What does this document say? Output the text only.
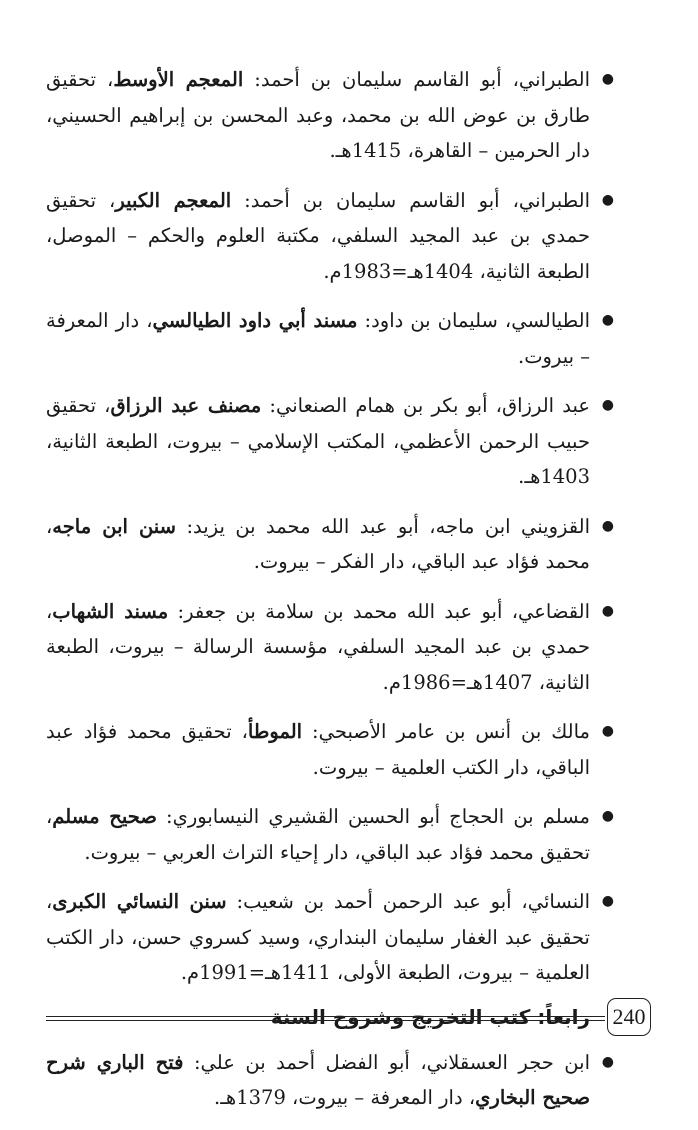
●
الطبراني، أبو القاسم سليمان بن أحمد: المعجم الأوسط، تحقيق طارق بن عوض الله بن محمد، وعبد المحسن بن إبراهيم الحسيني، دار الحرمين – القاهرة، 1415هـ.
●
الطبراني، أبو القاسم سليمان بن أحمد: المعجم الكبير، تحقيق حمدي بن عبد المجيد السلفي، مكتبة العلوم والحكم – الموصل، الطبعة الثانية، 1404هـ=1983م.
●
الطيالسي، سليمان بن داود: مسند أبي داود الطيالسي، دار المعرفة – بيروت.
●
عبد الرزاق، أبو بكر بن همام الصنعاني: مصنف عبد الرزاق، تحقيق حبيب الرحمن الأعظمي، المكتب الإسلامي – بيروت، الطبعة الثانية، 1403هـ.
●
القزويني ابن ماجه، أبو عبد الله محمد بن يزيد: سنن ابن ماجه، محمد فؤاد عبد الباقي، دار الفكر – بيروت.
●
القضاعي، أبو عبد الله محمد بن سلامة بن جعفر: مسند الشهاب، حمدي بن عبد المجيد السلفي، مؤسسة الرسالة – بيروت، الطبعة الثانية، 1407هـ=1986م.
●
مالك بن أنس بن عامر الأصبحي: الموطأ، تحقيق محمد فؤاد عبد الباقي، دار الكتب العلمية – بيروت.
●
مسلم بن الحجاج أبو الحسين القشيري النيسابوري: صحيح مسلم، تحقيق محمد فؤاد عبد الباقي، دار إحياء التراث العربي – بيروت.
●
النسائي، أبو عبد الرحمن أحمد بن شعيب: سنن النسائي الكبرى، تحقيق عبد الغفار سليمان البنداري، وسيد كسروي حسن، دار الكتب العلمية – بيروت، الطبعة الأولى، 1411هـ=1991م.
رابعاً: كتب التخريج وشروح السنة
●
ابن حجر العسقلاني، أبو الفضل أحمد بن علي: فتح الباري شرح صحيح البخاري، دار المعرفة – بيروت، 1379هـ.
240
